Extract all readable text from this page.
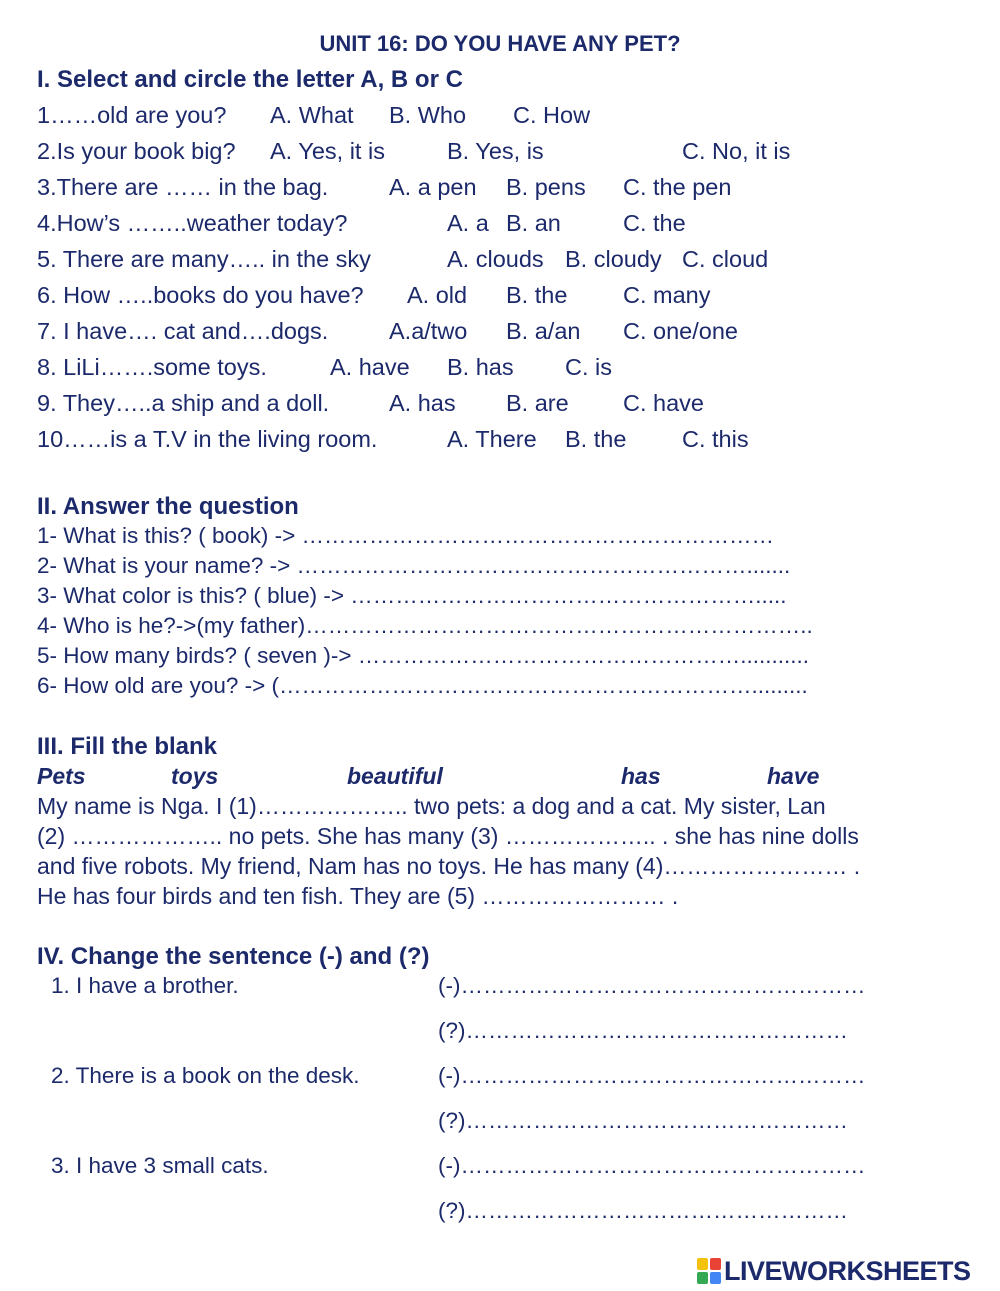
UNIT 16: DO YOU HAVE ANY PET?
I. Select and circle the letter A, B or C
1……old are you? A. What B. Who C. How
2.Is your book big? A. Yes, it is	B. Yes, is	C. No, it is
3.There are …… in the bag.	A. a pen B. pens C. the pen
4.How’s ……..weather today?	A. a B. an	C. the
5. There are many….. in the sky	A. clouds B. cloudy C. cloud
6. How …..books do you have? A. old B. the C. many
7. I have…. cat and….dogs.	A.a/two B. a/an C. one/one
8. LiLi…….some toys.	A. have B. has C. is
9. They…..a ship and a doll.	A. has B. are C. have
10……is a T.V in the living room.	A. There B. the C. this
II. Answer the question
1- What is this? ( book) -> ………………………………………………………
2- What is your name? -> …………………………………………………….......
3- What color is this? ( blue) -> ……………………………………………….....
4- Who is he?->(my father)…………………………………………………………..
5- How many birds? ( seven )-> ……………………………………………...........
6- How old are you? -> (……………………………………………………….........
III. Fill the blank
Pets	toys	beautiful	has	have
My name is Nga. I (1)……………….. two pets: a dog and a cat. My sister, Lan
(2) ……………….. no pets. She has many (3) ……………….. . she has nine dolls
and five robots. My friend, Nam has no toys. He has many (4)…………………… .
He has four birds and ten fish. They are (5) …………………… .
IV. Change the sentence (-) and (?)
1. I have a brother.	(-)………………………………………………
(?)……………………………………………
2. There is a book on the desk.	(-)………………………………………………
(?)……………………………………………
3. I have 3 small cats.	(-)………………………………………………
(?)……………………………………………
LIVEWORKSHEETS
